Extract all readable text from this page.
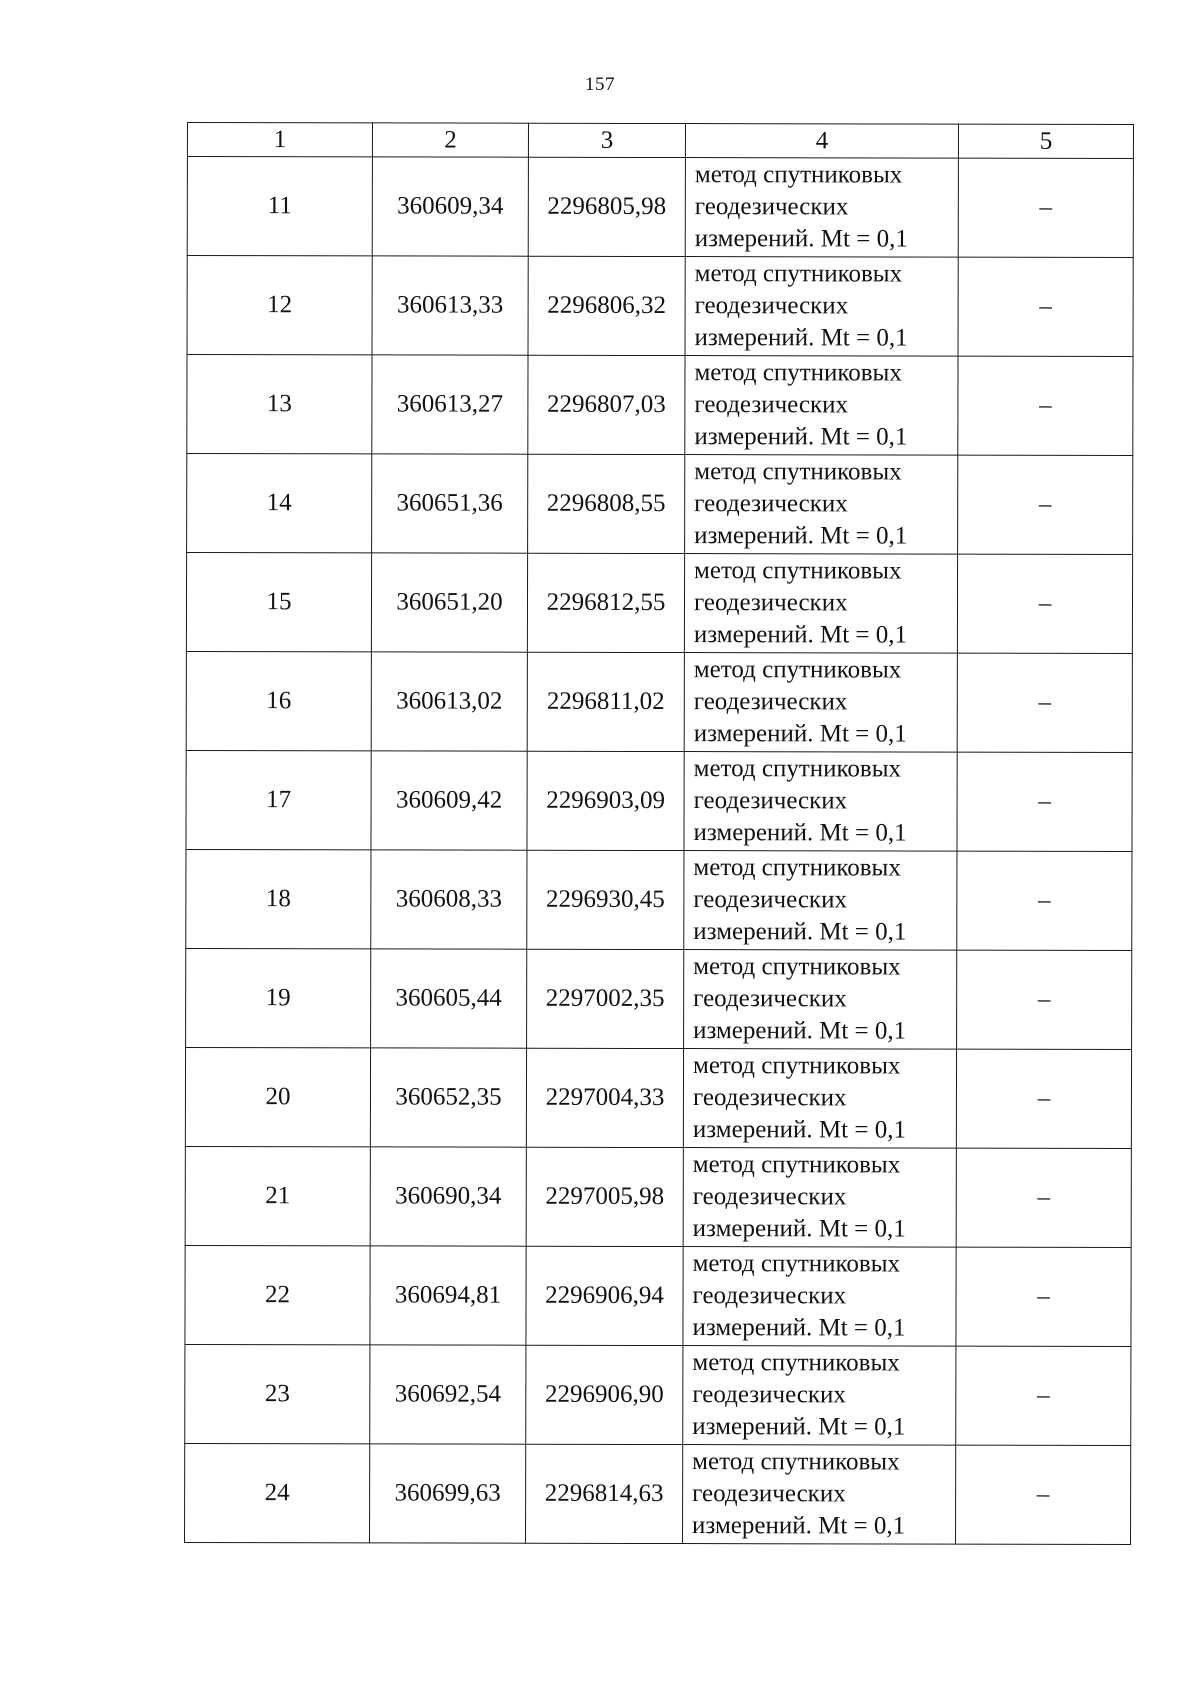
157
1	2	3	4	5
11	360609,34	2296805,98	метод спутниковых
геодезических
измерений. Mt = 0,1	–
12	360613,33	2296806,32	метод спутниковых
геодезических
измерений. Mt = 0,1	–
13	360613,27	2296807,03	метод спутниковых
геодезических
измерений. Mt = 0,1	–
14	360651,36	2296808,55	метод спутниковых
геодезических
измерений. Mt = 0,1	–
15	360651,20	2296812,55	метод спутниковых
геодезических
измерений. Mt = 0,1	–
16	360613,02	2296811,02	метод спутниковых
геодезических
измерений. Mt = 0,1	–
17	360609,42	2296903,09	метод спутниковых
геодезических
измерений. Mt = 0,1	–
18	360608,33	2296930,45	метод спутниковых
геодезических
измерений. Mt = 0,1	–
19	360605,44	2297002,35	метод спутниковых
геодезических
измерений. Mt = 0,1	–
20	360652,35	2297004,33	метод спутниковых
геодезических
измерений. Mt = 0,1	–
21	360690,34	2297005,98	метод спутниковых
геодезических
измерений. Mt = 0,1	–
22	360694,81	2296906,94	метод спутниковых
геодезических
измерений. Mt = 0,1	–
23	360692,54	2296906,90	метод спутниковых
геодезических
измерений. Mt = 0,1	–
24	360699,63	2296814,63	метод спутниковых
геодезических
измерений. Mt = 0,1	–
